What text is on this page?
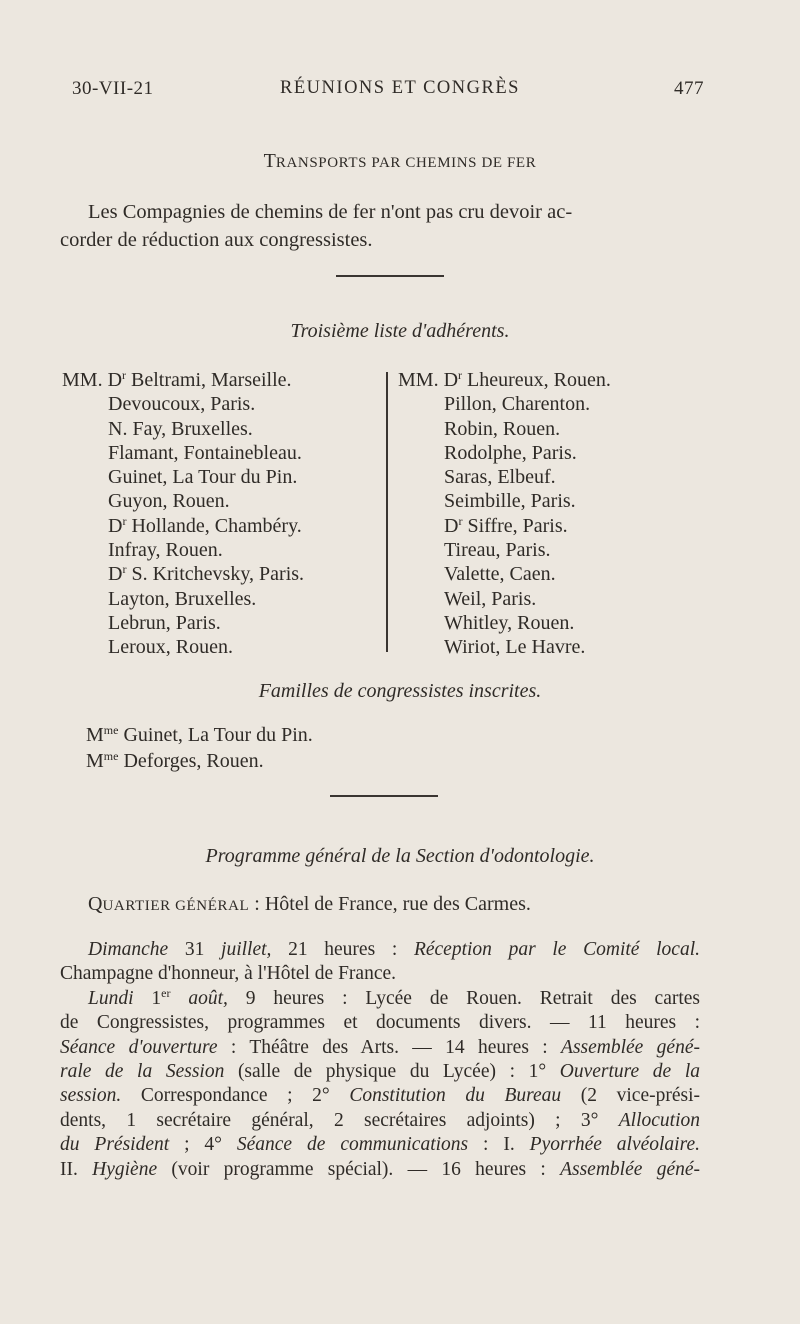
30-VII-21	RÉUNIONS ET CONGRÈS	477
TRANSPORTS PAR CHEMINS DE FER
Les Compagnies de chemins de fer n'ont pas cru devoir ac-
corder de réduction aux congressistes.
Troisième liste d'adhérents.
MM. $D^r$ Beltrami, Marseille.
Devoucoux, Paris.
N. Fay, Bruxelles.
Flamant, Fontainebleau.
Guinet, La Tour du Pin.
Guyon, Rouen.
$D^r$ Hollande, Chambéry.
Infray, Rouen.
$D^r$ S. Kritchevsky, Paris.
Layton, Bruxelles.
Lebrun, Paris.
Leroux, Rouen.
MM. $D^r$ Lheureux, Rouen.
Pillon, Charenton.
Robin, Rouen.
Rodolphe, Paris.
Saras, Elbeuf.
Seimbille, Paris.
$D^r$ Siffre, Paris.
Tireau, Paris.
Valette, Caen.
Weil, Paris.
Whitley, Rouen.
Wiriot, Le Havre.
Familles de congressistes inscrites.
$M^{me}$ Guinet, La Tour du Pin.
$M^{me}$ Deforges, Rouen.
Programme général de la Section d'odontologie.
QUARTIER GÉNÉRAL : Hôtel de France, rue des Carmes.
Dimanche 31 juillet, 21 heures : Réception par le Comité local.
Champagne d'honneur, à l'Hôtel de France.
Lundi 1er août, 9 heures : Lycée de Rouen. Retrait des cartes
de Congressistes, programmes et documents divers. — 11 heures :
Séance d'ouverture : Théâtre des Arts. — 14 heures : Assemblée géné-
rale de la Session (salle de physique du Lycée) : 1° Ouverture de la
session. Correspondance ; 2° Constitution du Bureau (2 vice-prési-
dents, 1 secrétaire général, 2 secrétaires adjoints) ; 3° Allocution
du Président ; 4° Séance de communications : I. Pyorrhée alvéolaire.
II. Hygiène (voir programme spécial). — 16 heures : Assemblée géné-
